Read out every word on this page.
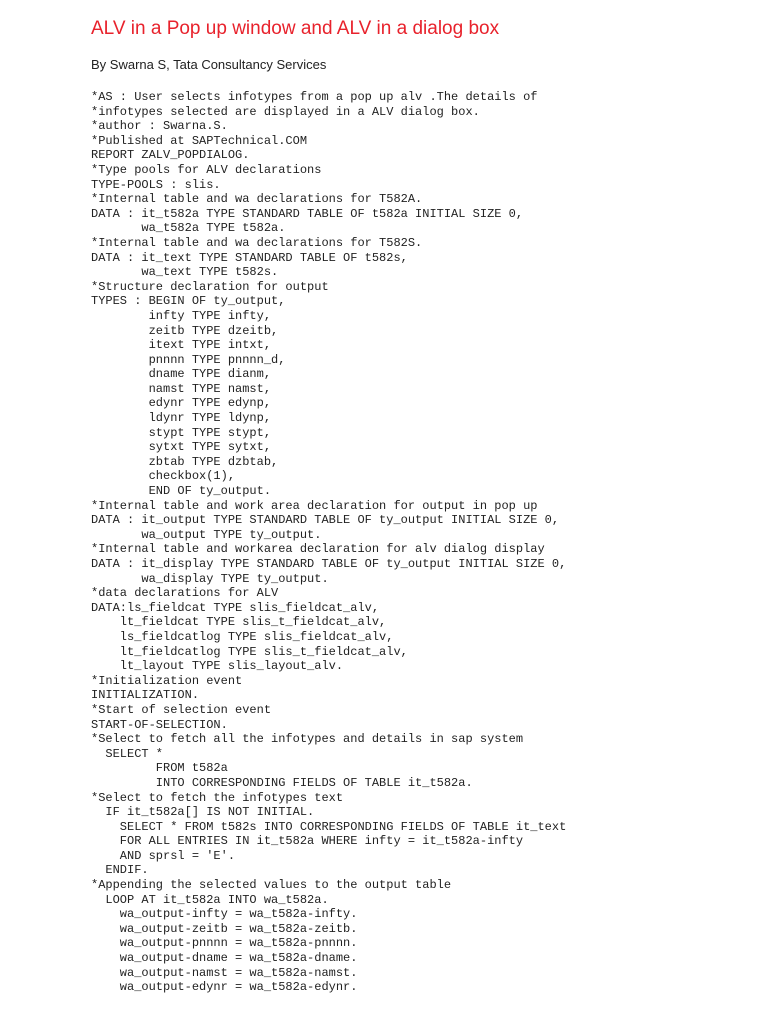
ALV in a Pop up window and ALV in a dialog box
By Swarna S, Tata Consultancy Services
*AS : User selects infotypes from a pop up alv .The details of
*infotypes selected are displayed in a ALV dialog box.
*author : Swarna.S.
*Published at SAPTechnical.COM
REPORT ZALV_POPDIALOG.
*Type pools for ALV declarations
TYPE-POOLS : slis.
*Internal table and wa declarations for T582A.
DATA : it_t582a TYPE STANDARD TABLE OF t582a INITIAL SIZE 0,
wa_t582a TYPE t582a.
*Internal table and wa declarations for T582S.
DATA : it_text TYPE STANDARD TABLE OF t582s,
wa_text TYPE t582s.
*Structure declaration for output
TYPES : BEGIN OF ty_output,
infty TYPE infty,
zeitb TYPE dzeitb,
itext TYPE intxt,
pnnnn TYPE pnnnn_d,
dname TYPE dianm,
namst TYPE namst,
edynr TYPE edynp,
ldynr TYPE ldynp,
stypt TYPE stypt,
sytxt TYPE sytxt,
zbtab TYPE dzbtab,
checkbox(1),
END OF ty_output.
*Internal table and work area declaration for output in pop up
DATA : it_output TYPE STANDARD TABLE OF ty_output INITIAL SIZE 0,
wa_output TYPE ty_output.
*Internal table and workarea declaration for alv dialog display
DATA : it_display TYPE STANDARD TABLE OF ty_output INITIAL SIZE 0,
wa_display TYPE ty_output.
*data declarations for ALV
DATA:ls_fieldcat TYPE slis_fieldcat_alv,
lt_fieldcat TYPE slis_t_fieldcat_alv,
ls_fieldcatlog TYPE slis_fieldcat_alv,
lt_fieldcatlog TYPE slis_t_fieldcat_alv,
lt_layout TYPE slis_layout_alv.
*Initialization event
INITIALIZATION.
*Start of selection event
START-OF-SELECTION.
*Select to fetch all the infotypes and details in sap system
SELECT *
FROM t582a
INTO CORRESPONDING FIELDS OF TABLE it_t582a.
*Select to fetch the infotypes text
IF it_t582a[] IS NOT INITIAL.
SELECT * FROM t582s INTO CORRESPONDING FIELDS OF TABLE it_text
FOR ALL ENTRIES IN it_t582a WHERE infty = it_t582a-infty
AND sprsl = 'E'.
ENDIF.
*Appending the selected values to the output table
LOOP AT it_t582a INTO wa_t582a.
wa_output-infty = wa_t582a-infty.
wa_output-zeitb = wa_t582a-zeitb.
wa_output-pnnnn = wa_t582a-pnnnn.
wa_output-dname = wa_t582a-dname.
wa_output-namst = wa_t582a-namst.
wa_output-edynr = wa_t582a-edynr.
